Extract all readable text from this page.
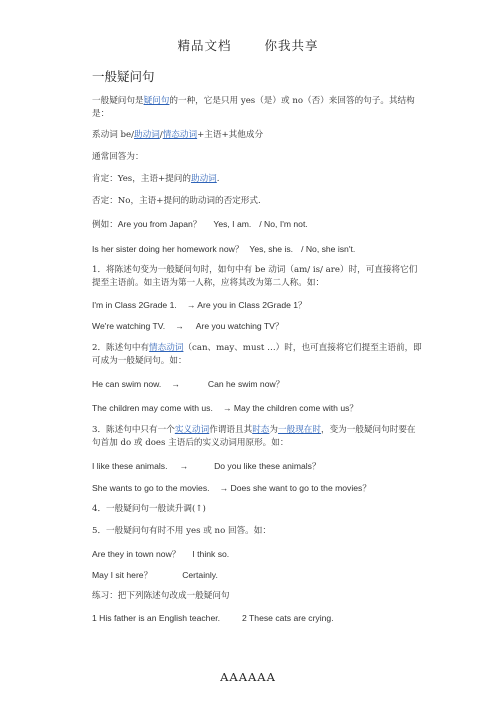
精品文档	你我共享
一般疑问句
一般疑问句是疑问句的一种，它是只用 yes（是）或 no（否）来回答的句子。其结构是：
系动词 be/助动词/情态动词+主语+其他成分
通常回答为：
肯定：Yes，主语+提问的助动词.
否定：No，主语+提问的助动词的否定形式.
例如：Are you from Japan？ Yes, I am. / No, I'm not.
Is her sister doing her homework now？ Yes, she is. / No, she isn't.
1．将陈述句变为一般疑问句时，如句中有 be 动词（am/ is/ are）时，可直接将它们提至主语前。如主语为第一人称，应将其改为第二人称。如：
I'm in Class 2Grade 1. → Are you in Class 2Grade 1？
We're watching TV. → Are you watching TV？
2．陈述句中有情态动词（can、may、must …）时，也可直接将它们提至主语前，即可成为一般疑问句。如：
He can swim now. →	Can he swim now？
The children may come with us. → May the children come with us？
3．陈述句中只有一个实义动词作谓语且其时态为一般现在时，变为一般疑问句时要在句首加 do 或 does 主语后的实义动词用原形。如：
I like these animals. →	Do you like these animals？
She wants to go to the movies. → Does she want to go to the movies？
4．一般疑问句一般读升调(↑)
5．一般疑问句有时不用 yes 或 no 回答。如：
Are they in town now？ I think so.
May I sit here？	Certainly.
练习：把下列陈述句改成一般疑问句
1 His father is an English teacher.	2 These cats are crying.
AAAAAA
